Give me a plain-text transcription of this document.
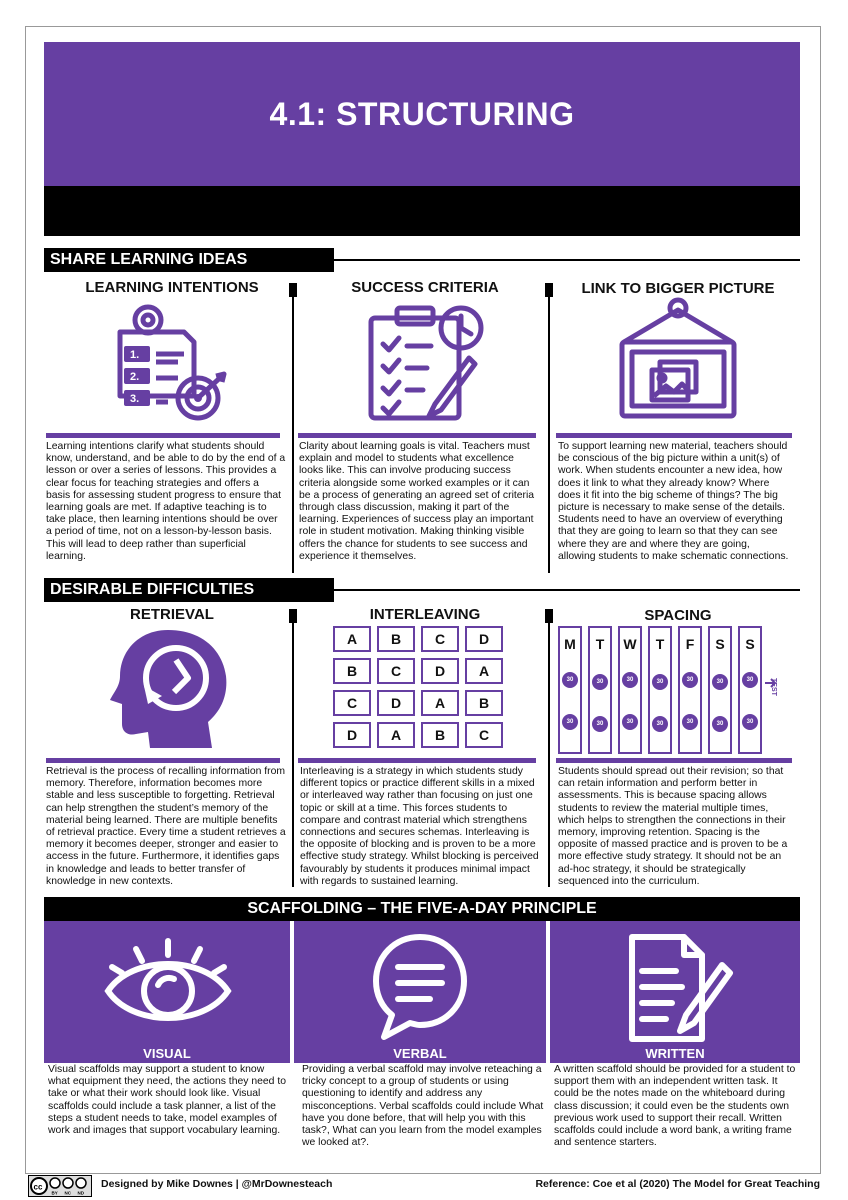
4.1: STRUCTURING
SHARE LEARNING IDEAS
LEARNING INTENTIONS	SUCCESS CRITERIA	LINK TO BIGGER PICTURE
1.
2.
3.
Learning intentions clarify what students should know, understand, and be able to do by the end of a lesson or over a series of lessons. This provides a clear focus for teaching strategies and offers a basis for assessing student progress to ensure that learning goals are met. If adaptive teaching is to take place, then learning intentions should be over a period of time, not on a lesson-by-lesson basis. This will lead to deep rather than superficial learning.
Clarity about learning goals is vital. Teachers must explain and model to students what excellence looks like. This can involve producing success criteria alongside some worked examples or it can be a process of generating an agreed set of criteria through class discussion, making it part of the learning. Experiences of success play an important role in student motivation. Making thinking visible offers the chance for students to see success and experience it themselves.
To support learning new material, teachers should be conscious of the big picture within a unit(s) of work. When students encounter a new idea, how does it link to what they already know? Where does it fit into the big scheme of things? The big picture is necessary to make sense of the details. Students need to have an overview of everything that they are going to learn so that they can see where they are and where they are going, allowing students to make schematic connections.
DESIRABLE DIFFICULTIES
RETRIEVAL	INTERLEAVING	SPACING
A	B	C	D
B	C	D	A
C	D	A	B
D	A	B	C
M
30
30
T
30
30
W
30
30
T
30
30
F
30
30
S
30
30
S
30
30
TEST
Retrieval is the process of recalling information from memory. Therefore, information becomes more stable and less susceptible to forgetting. Retrieval can help strengthen the student’s memory of the material being learned. There are multiple benefits of retrieval practice. Every time a student retrieves a memory it becomes deeper, stronger and easier to access in the future. Furthermore, it identifies gaps in knowledge and leads to better transfer of knowledge in new contexts.
Interleaving is a strategy in which students study different topics or practice different skills in a mixed or interleaved way rather than focusing on just one topic or skill at a time. This forces students to compare and contrast material which strengthens connections and secures schemas. Interleaving is the opposite of blocking and is proven to be a more effective study strategy. Whilst blocking is perceived favourably by students it produces minimal impact with regards to sustained learning.
Students should spread out their revision; so that can retain information and perform better in assessments. This is because spacing allows students to review the material multiple times, which helps to strengthen the connections in their memory, improving retention. Spacing is the opposite of massed practice and is proven to be a more effective study strategy. It should not be an ad-hoc strategy, it should be strategically sequenced into the curriculum.
SCAFFOLDING – THE FIVE-A-DAY PRINCIPLE
VISUAL	VERBAL	WRITTEN
Visual scaffolds may support a student to know what equipment they need, the actions they need to take or what their work should look like. Visual scaffolds could include a task planner, a list of the steps a student needs to take, model examples of work and images that support vocabulary learning.
Providing a verbal scaffold may involve reteaching a tricky concept to a group of students or using questioning to identify and address any misconceptions. Verbal scaffolds could include What have you done before, that will help you with this task?, What can you learn from the model examples we looked at?.
A written scaffold should be provided for a student to support them with an independent written task. It could be the notes made on the whiteboard during class discussion; it could even be the students own previous work used to support their recall. Written scaffolds could include a word bank, a writing frame and sentence starters.
cc
BY NC ND
Designed by Mike Downes | @MrDownesteach	Reference: Coe et al (2020) The Model for Great Teaching
